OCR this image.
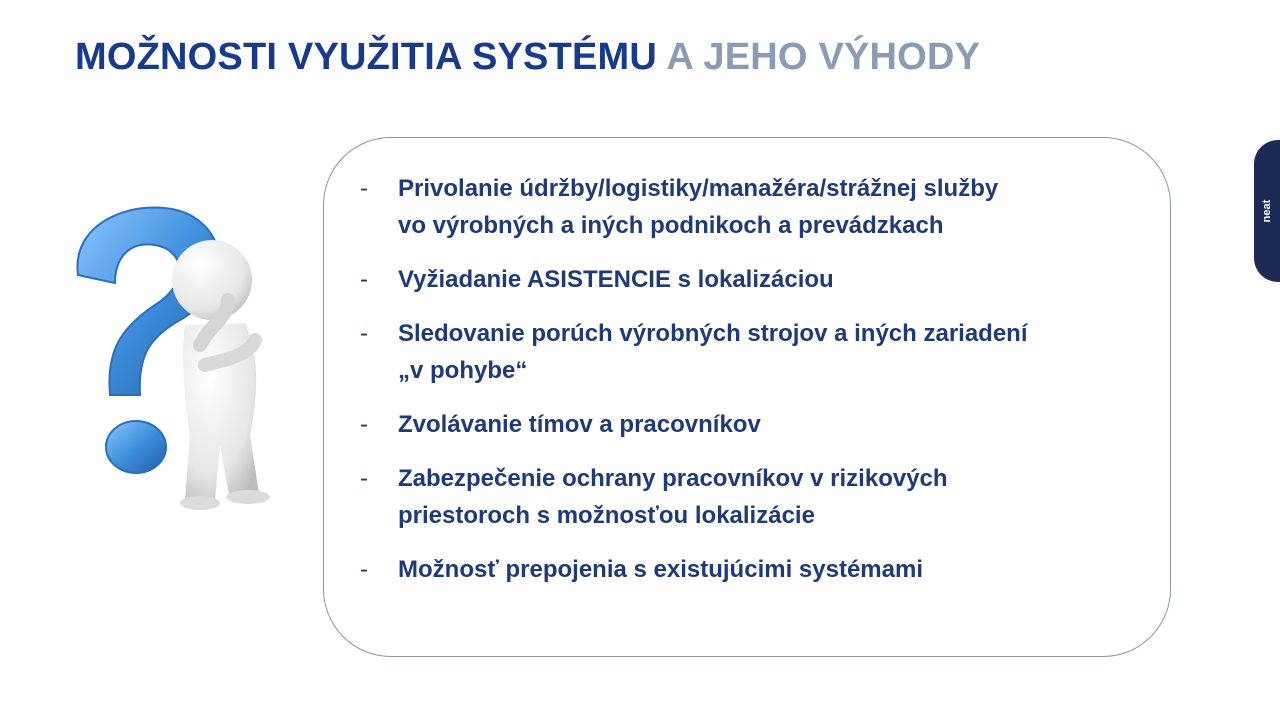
MOŽNOSTI VYUŽITIA SYSTÉMU A JEHO VÝHODY
- Privolanie údržby/logistiky/manažéra/strážnej služby
vo výrobných a iných podnikoch a prevádzkach
- Vyžiadanie ASISTENCIE s lokalizáciou
- Sledovanie porúch výrobných strojov a iných zariadení
„v pohybe“
- Zvolávanie tímov a pracovníkov
- Zabezpečenie ochrany pracovníkov v rizikových
priestoroch s možnosťou lokalizácie
- Možnosť prepojenia s existujúcimi systémami
neat
